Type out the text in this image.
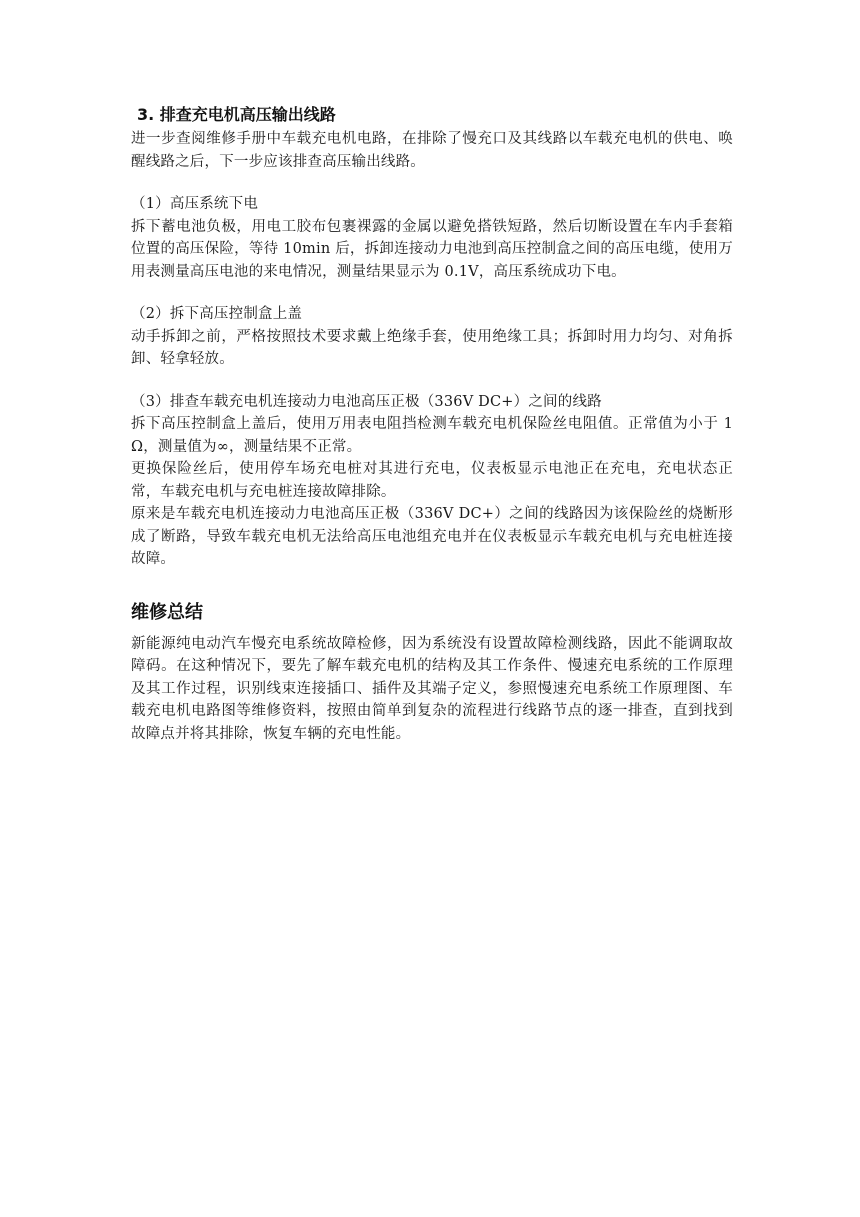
3. 排查充电机高压输出线路

进一步查阅维修手册中车载充电机电路，在排除了慢充口及其线路以车载充电机的供电、唤醒线路之后，下一步应该排查高压输出线路。

（1）高压系统下电

拆下蓄电池负极，用电工胶布包裹裸露的金属以避免搭铁短路，然后切断设置在车内手套箱位置的高压保险，等待 10min 后，拆卸连接动力电池到高压控制盒之间的高压电缆，使用万用表测量高压电池的来电情况，测量结果显示为 0.1V，高压系统成功下电。

（2）拆下高压控制盒上盖

动手拆卸之前，严格按照技术要求戴上绝缘手套，使用绝缘工具；拆卸时用力均匀、对角拆卸、轻拿轻放。

（3）排查车载充电机连接动力电池高压正极（336V DC+）之间的线路

拆下高压控制盒上盖后，使用万用表电阻挡检测车载充电机保险丝电阻值。正常值为小于 1Ω，测量值为∞，测量结果不正常。

更换保险丝后，使用停车场充电桩对其进行充电，仪表板显示电池正在充电，充电状态正常，车载充电机与充电桩连接故障排除。

原来是车载充电机连接动力电池高压正极（336V DC+）之间的线路因为该保险丝的烧断形成了断路，导致车载充电机无法给高压电池组充电并在仪表板显示车载充电机与充电桩连接故障。

维修总结

新能源纯电动汽车慢充电系统故障检修，因为系统没有设置故障检测线路，因此不能调取故障码。在这种情况下，要先了解车载充电机的结构及其工作条件、慢速充电系统的工作原理及其工作过程，识别线束连接插口、插件及其端子定义，参照慢速充电系统工作原理图、车载充电机电路图等维修资料，按照由简单到复杂的流程进行线路节点的逐一排查，直到找到故障点并将其排除，恢复车辆的充电性能。
